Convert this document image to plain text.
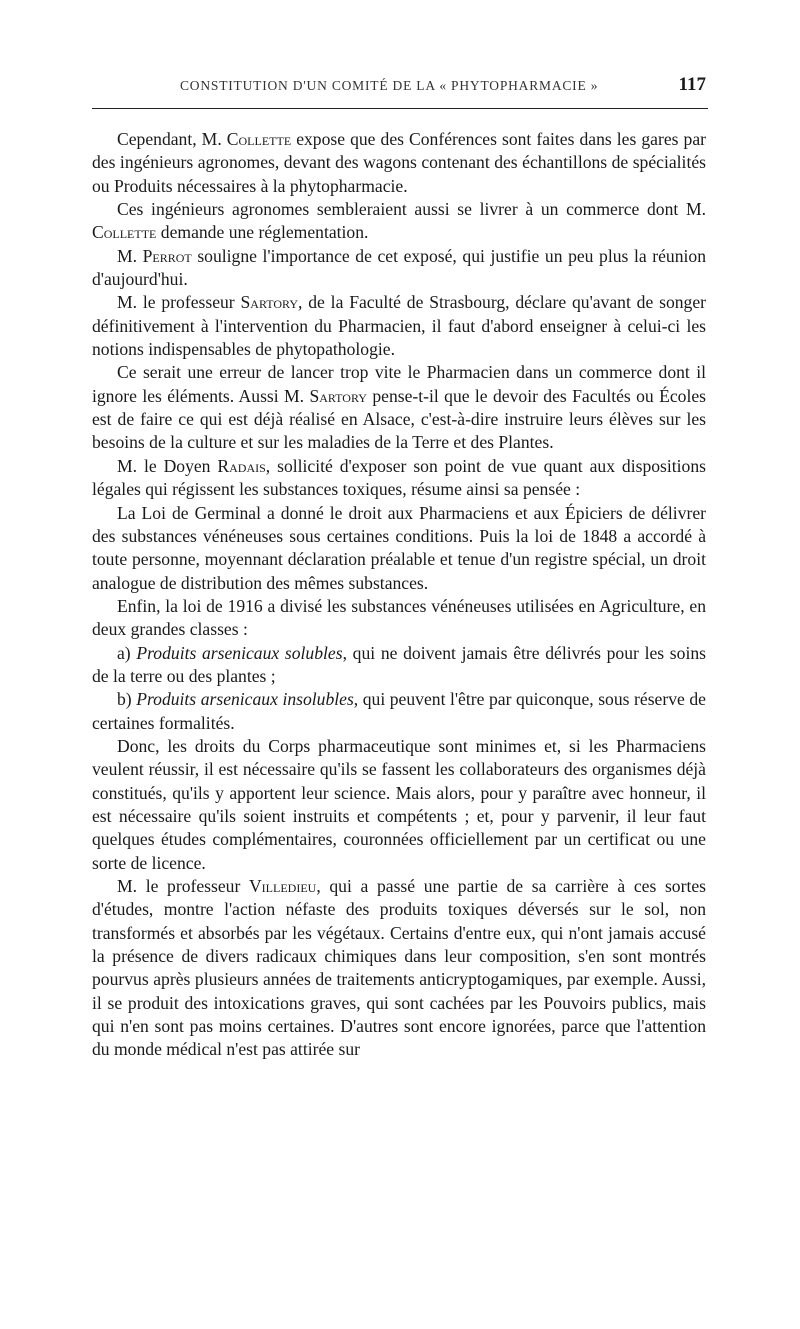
CONSTITUTION D'UN COMITÉ DE LA « PHYTOPHARMACIE »	117

Cependant, M. Collette expose que des Conférences sont faites dans les gares par des ingénieurs agronomes, devant des wagons contenant des échantillons de spécialités ou Produits nécessaires à la phytopharmacie.

Ces ingénieurs agronomes sembleraient aussi se livrer à un commerce dont M. Collette demande une réglementation.

M. Perrot souligne l'importance de cet exposé, qui justifie un peu plus la réunion d'aujourd'hui.

M. le professeur Sartory, de la Faculté de Strasbourg, déclare qu'avant de songer définitivement à l'intervention du Pharmacien, il faut d'abord enseigner à celui-ci les notions indispensables de phytopathologie.

Ce serait une erreur de lancer trop vite le Pharmacien dans un commerce dont il ignore les éléments. Aussi M. Sartory pense-t-il que le devoir des Facultés ou Écoles est de faire ce qui est déjà réalisé en Alsace, c'est-à-dire instruire leurs élèves sur les besoins de la culture et sur les maladies de la Terre et des Plantes.

M. le Doyen Radais, sollicité d'exposer son point de vue quant aux dispositions légales qui régissent les substances toxiques, résume ainsi sa pensée :

La Loi de Germinal a donné le droit aux Pharmaciens et aux Épiciers de délivrer des substances vénéneuses sous certaines conditions. Puis la loi de 1848 a accordé à toute personne, moyennant déclaration préalable et tenue d'un registre spécial, un droit analogue de distribution des mêmes substances.

Enfin, la loi de 1916 a divisé les substances vénéneuses utilisées en Agriculture, en deux grandes classes :

a) Produits arsenicaux solubles, qui ne doivent jamais être délivrés pour les soins de la terre ou des plantes ;

b) Produits arsenicaux insolubles, qui peuvent l'être par quiconque, sous réserve de certaines formalités.

Donc, les droits du Corps pharmaceutique sont minimes et, si les Pharmaciens veulent réussir, il est nécessaire qu'ils se fassent les collaborateurs des organismes déjà constitués, qu'ils y apportent leur science. Mais alors, pour y paraître avec honneur, il est nécessaire qu'ils soient instruits et compétents ; et, pour y parvenir, il leur faut quelques études complémentaires, couronnées officiellement par un certificat ou une sorte de licence.

M. le professeur Villedieu, qui a passé une partie de sa carrière à ces sortes d'études, montre l'action néfaste des produits toxiques déversés sur le sol, non transformés et absorbés par les végétaux. Certains d'entre eux, qui n'ont jamais accusé la présence de divers radicaux chimiques dans leur composition, s'en sont montrés pourvus après plusieurs années de traitements anticryptogamiques, par exemple. Aussi, il se produit des intoxications graves, qui sont cachées par les Pouvoirs publics, mais qui n'en sont pas moins certaines. D'autres sont encore ignorées, parce que l'attention du monde médical n'est pas attirée sur
